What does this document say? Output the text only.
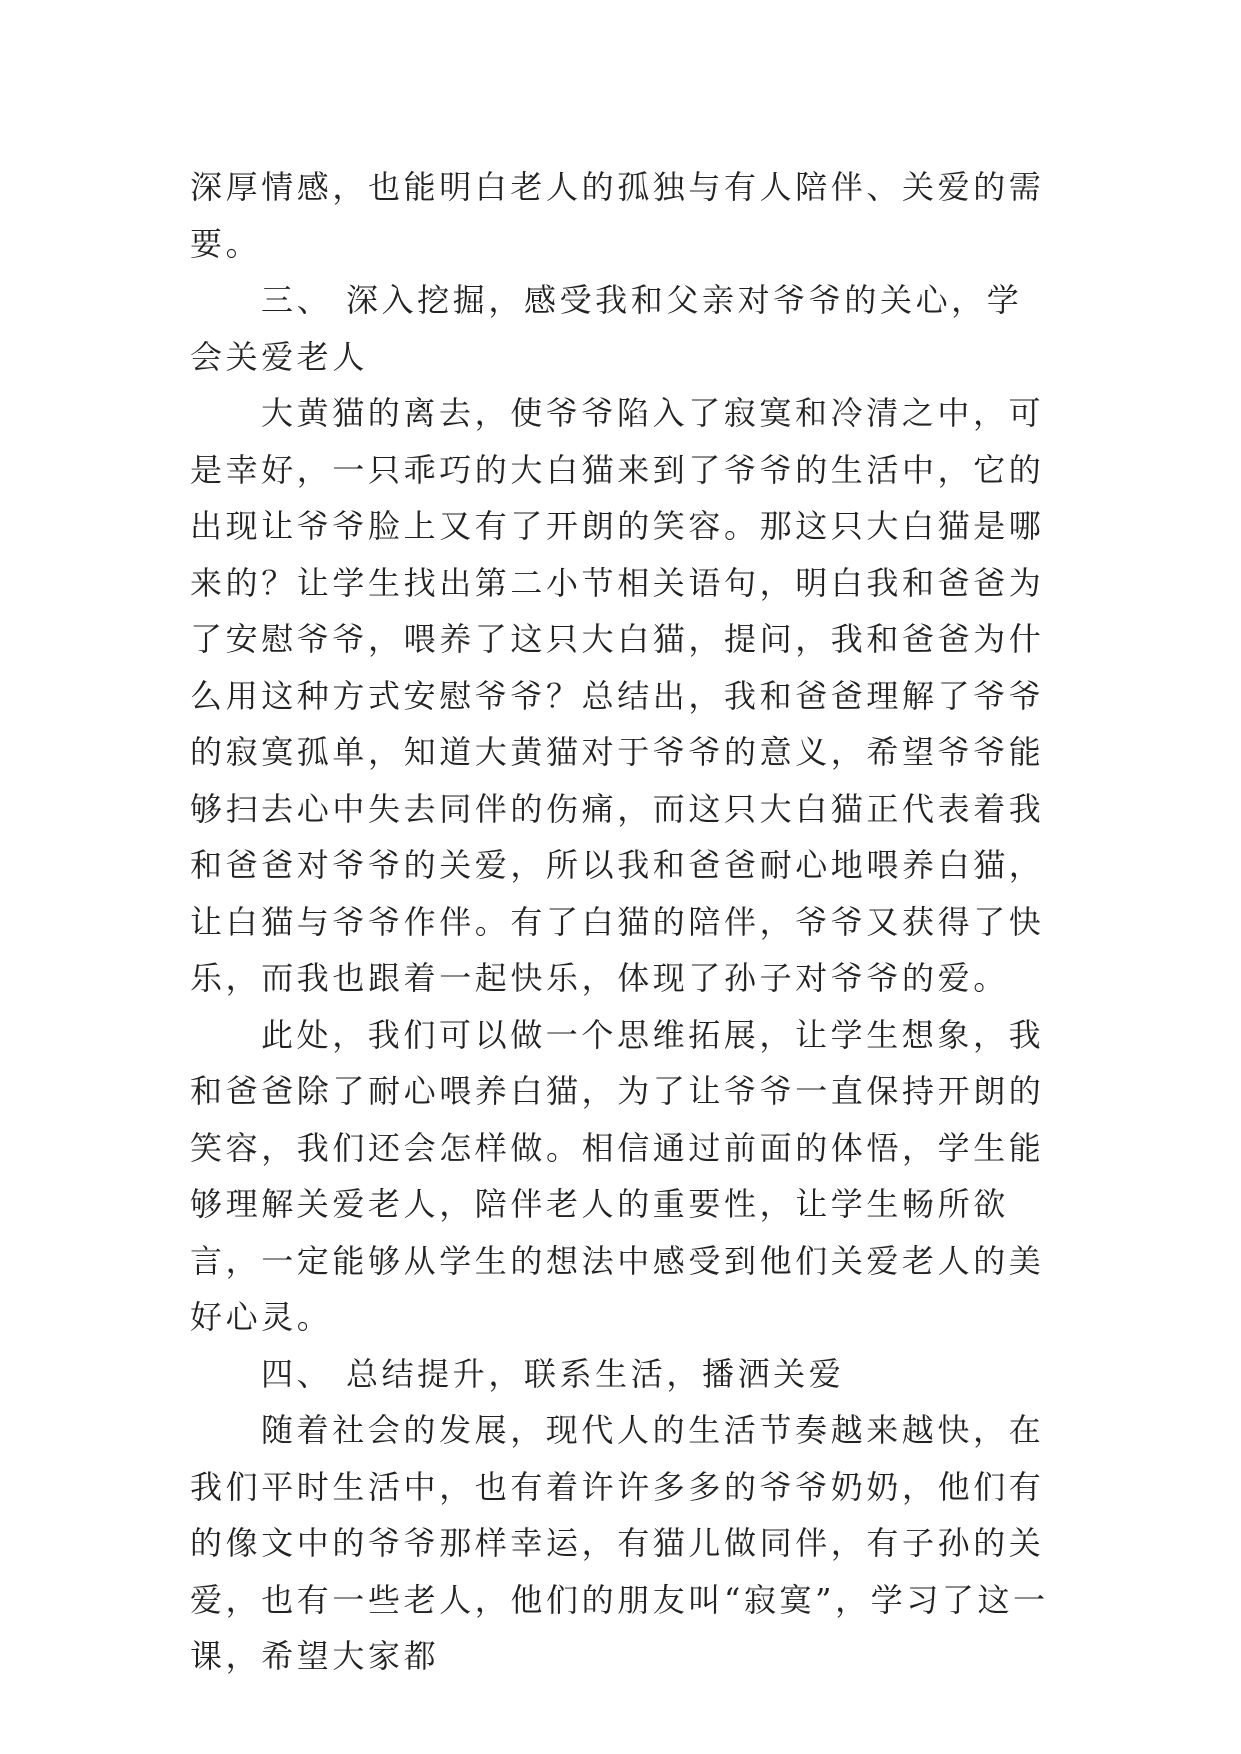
深厚情感，也能明白老人的孤独与有人陪伴、关爱的需要。

三、 深入挖掘，感受我和父亲对爷爷的关心，学会关爱老人

大黄猫的离去，使爷爷陷入了寂寞和冷清之中，可是幸好，一只乖巧的大白猫来到了爷爷的生活中，它的出现让爷爷脸上又有了开朗的笑容。那这只大白猫是哪来的？让学生找出第二小节相关语句，明白我和爸爸为了安慰爷爷，喂养了这只大白猫，提问，我和爸爸为什么用这种方式安慰爷爷？总结出，我和爸爸理解了爷爷的寂寞孤单，知道大黄猫对于爷爷的意义，希望爷爷能够扫去心中失去同伴的伤痛，而这只大白猫正代表着我和爸爸对爷爷的关爱，所以我和爸爸耐心地喂养白猫，让白猫与爷爷作伴。有了白猫的陪伴，爷爷又获得了快乐，而我也跟着一起快乐，体现了孙子对爷爷的爱。

此处，我们可以做一个思维拓展，让学生想象，我和爸爸除了耐心喂养白猫，为了让爷爷一直保持开朗的笑容，我们还会怎样做。相信通过前面的体悟，学生能够理解关爱老人，陪伴老人的重要性，让学生畅所欲言，一定能够从学生的想法中感受到他们关爱老人的美好心灵。

四、 总结提升，联系生活，播洒关爱

随着社会的发展，现代人的生活节奏越来越快，在我们平时生活中，也有着许许多多的爷爷奶奶，他们有的像文中的爷爷那样幸运，有猫儿做同伴，有子孙的关爱，也有一些老人，他们的朋友叫“寂寞”，学习了这一课，希望大家都
